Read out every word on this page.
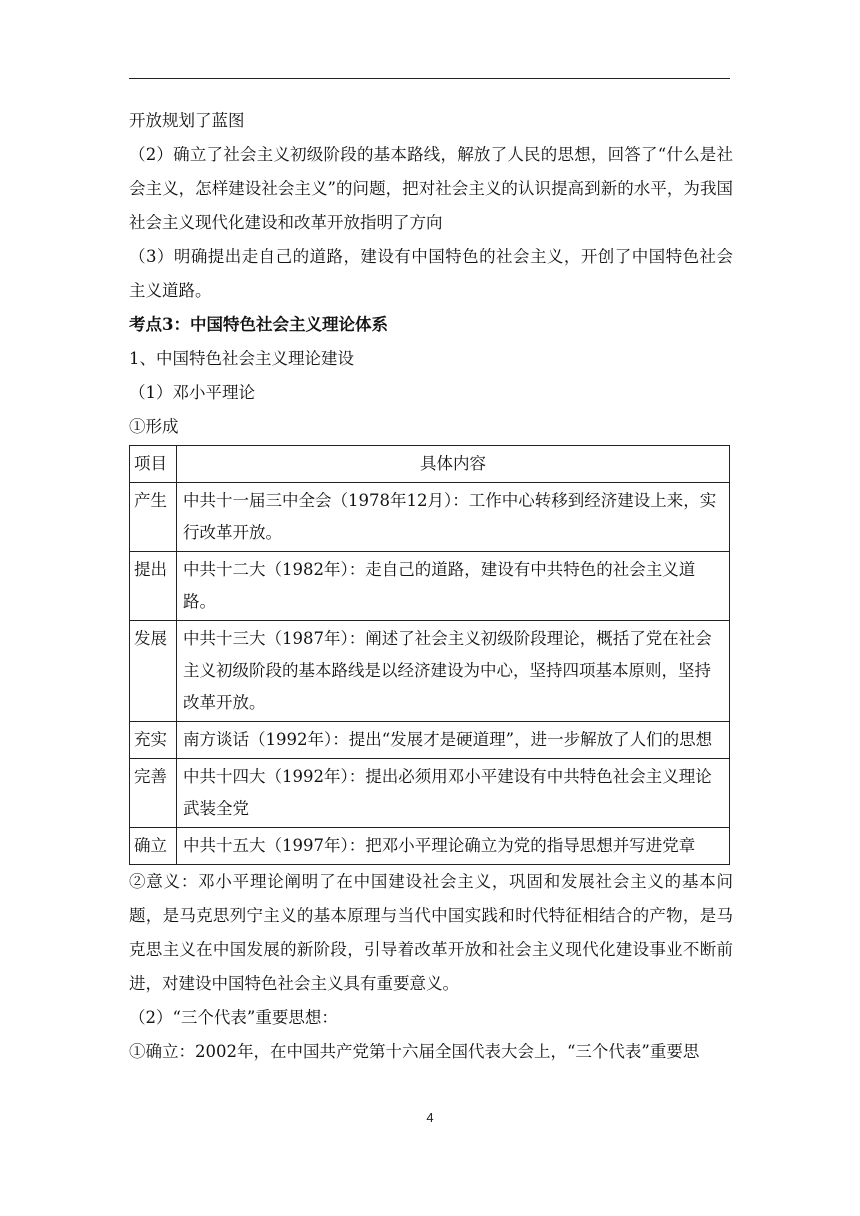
开放规划了蓝图

（2）确立了社会主义初级阶段的基本路线，解放了人民的思想，回答了“什么是社会主义，怎样建设社会主义”的问题，把对社会主义的认识提高到新的水平，为我国社会主义现代化建设和改革开放指明了方向

（3）明确提出走自己的道路，建设有中国特色的社会主义，开创了中国特色社会主义道路。

考点3：中国特色社会主义理论体系

1、中国特色社会主义理论建设

（1）邓小平理论

①形成

项目	具体内容
产生	中共十一届三中全会（1978年12月）：工作中心转移到经济建设上来，实行改革开放。
提出	中共十二大（1982年）：走自己的道路，建设有中共特色的社会主义道路。
发展	中共十三大（1987年）：阐述了社会主义初级阶段理论，概括了党在社会主义初级阶段的基本路线是以经济建设为中心，坚持四项基本原则，坚持改革开放。
充实	南方谈话（1992年）：提出“发展才是硬道理”，进一步解放了人们的思想
完善	中共十四大（1992年）：提出必须用邓小平建设有中共特色社会主义理论武装全党
确立	中共十五大（1997年）：把邓小平理论确立为党的指导思想并写进党章

②意义：邓小平理论阐明了在中国建设社会主义，巩固和发展社会主义的基本问题，是马克思列宁主义的基本原理与当代中国实践和时代特征相结合的产物，是马克思主义在中国发展的新阶段，引导着改革开放和社会主义现代化建设事业不断前进，对建设中国特色社会主义具有重要意义。

（2）“三个代表”重要思想：

①确立：2002年，在中国共产党第十六届全国代表大会上，“三个代表”重要思

4
